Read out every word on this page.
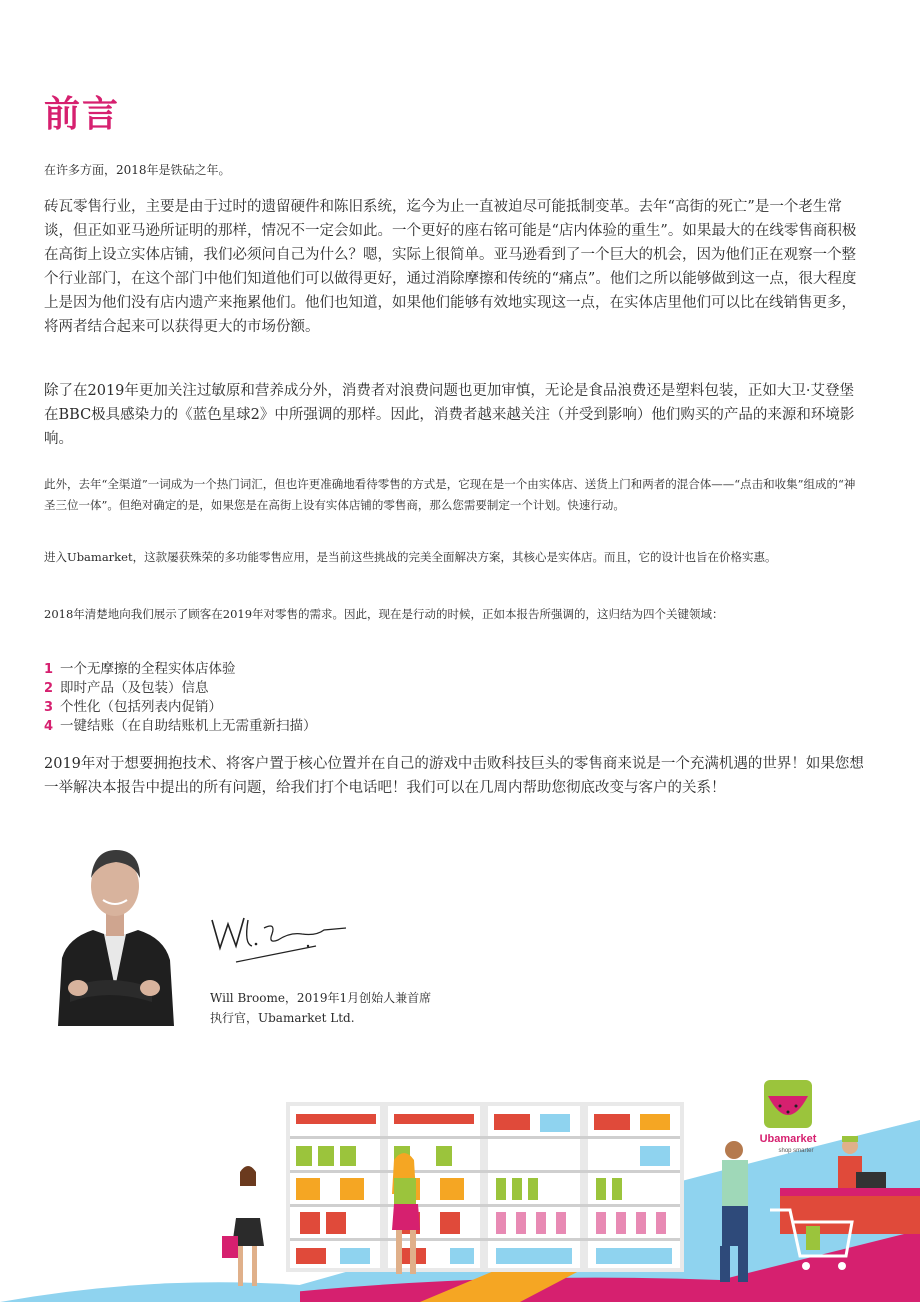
前言

在许多方面，2018年是铁砧之年。

砖瓦零售行业，主要是由于过时的遗留硬件和陈旧系统，迄今为止一直被迫尽可能抵制变革。去年“高街的死亡”是一个老生常谈，但正如亚马逊所证明的那样，情况不一定会如此。一个更好的座右铭可能是“店内体验的重生”。如果最大的在线零售商积极在高街上设立实体店铺，我们必须问自己为什么？嗯，实际上很简单。亚马逊看到了一个巨大的机会，因为他们正在观察一个整个行业部门，在这个部门中他们知道他们可以做得更好，通过消除摩擦和传统的“痛点”。他们之所以能够做到这一点，很大程度上是因为他们没有店内遗产来拖累他们。他们也知道，如果他们能够有效地实现这一点，在实体店里他们可以比在线销售更多，将两者结合起来可以获得更大的市场份额。

除了在2019年更加关注过敏原和营养成分外，消费者对浪费问题也更加审慎，无论是食品浪费还是塑料包装，正如大卫·艾登堡在BBC极具感染力的《蓝色星球2》中所强调的那样。因此，消费者越来越关注（并受到影响）他们购买的产品的来源和环境影响。

此外，去年“全渠道”一词成为一个热门词汇，但也许更准确地看待零售的方式是，它现在是一个由实体店、送货上门和两者的混合体——“点击和收集”组成的“神圣三位一体”。但绝对确定的是，如果您是在高街上设有实体店铺的零售商，那么您需要制定一个计划。快速行动。

进入Ubamarket，这款屡获殊荣的多功能零售应用，是当前这些挑战的完美全面解决方案，其核心是实体店。而且，它的设计也旨在价格实惠。

2018年清楚地向我们展示了顾客在2019年对零售的需求。因此，现在是行动的时候，正如本报告所强调的，这归结为四个关键领域：

1 一个无摩擦的全程实体店体验
2 即时产品（及包装）信息
3 个性化（包括列表内促销）
4 一键结账（在自助结账机上无需重新扫描）

2019年对于想要拥抱技术、将客户置于核心位置并在自己的游戏中击败科技巨头的零售商来说是一个充满机遇的世界！如果您想一举解决本报告中提出的所有问题，给我们打个电话吧！我们可以在几周内帮助您彻底改变与客户的关系！

Will Broome，2019年1月创始人兼首席
执行官，Ubamarket Ltd.

Ubamarket
shop smarter
